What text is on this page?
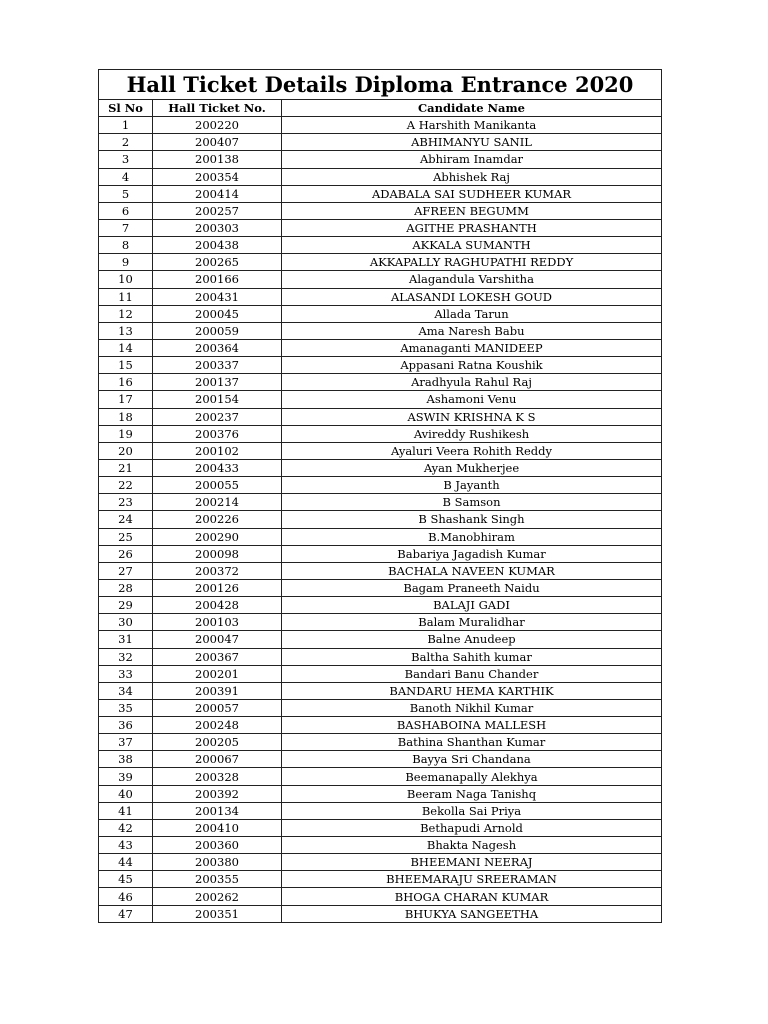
Hall Ticket Details Diploma Entrance 2020		
Sl No	Hall Ticket No.	Candidate Name
1	200220	A Harshith Manikanta
2	200407	ABHIMANYU SANIL
3	200138	Abhiram Inamdar
4	200354	Abhishek Raj
5	200414	ADABALA SAI SUDHEER KUMAR
6	200257	AFREEN BEGUMM
7	200303	AGITHE PRASHANTH
8	200438	AKKALA SUMANTH
9	200265	AKKAPALLY RAGHUPATHI REDDY
10	200166	Alagandula Varshitha
11	200431	ALASANDI LOKESH GOUD
12	200045	Allada Tarun
13	200059	Ama Naresh Babu
14	200364	Amanaganti MANIDEEP
15	200337	Appasani Ratna Koushik
16	200137	Aradhyula Rahul Raj
17	200154	Ashamoni Venu
18	200237	ASWIN KRISHNA K S
19	200376	Avireddy Rushikesh
20	200102	Ayaluri Veera Rohith Reddy
21	200433	Ayan Mukherjee
22	200055	B Jayanth
23	200214	B Samson
24	200226	B Shashank Singh
25	200290	B.Manobhiram
26	200098	Babariya Jagadish Kumar
27	200372	BACHALA NAVEEN KUMAR
28	200126	Bagam Praneeth Naidu
29	200428	BALAJI GADI
30	200103	Balam Muralidhar
31	200047	Balne Anudeep
32	200367	Baltha Sahith kumar
33	200201	Bandari Banu Chander
34	200391	BANDARU HEMA KARTHIK
35	200057	Banoth Nikhil Kumar
36	200248	BASHABOINA MALLESH
37	200205	Bathina Shanthan Kumar
38	200067	Bayya Sri Chandana
39	200328	Beemanapally Alekhya
40	200392	Beeram Naga Tanishq
41	200134	Bekolla Sai Priya
42	200410	Bethapudi Arnold
43	200360	Bhakta Nagesh
44	200380	BHEEMANI NEERAJ
45	200355	BHEEMARAJU SREERAMAN
46	200262	BHOGA CHARAN KUMAR
47	200351	BHUKYA SANGEETHA
